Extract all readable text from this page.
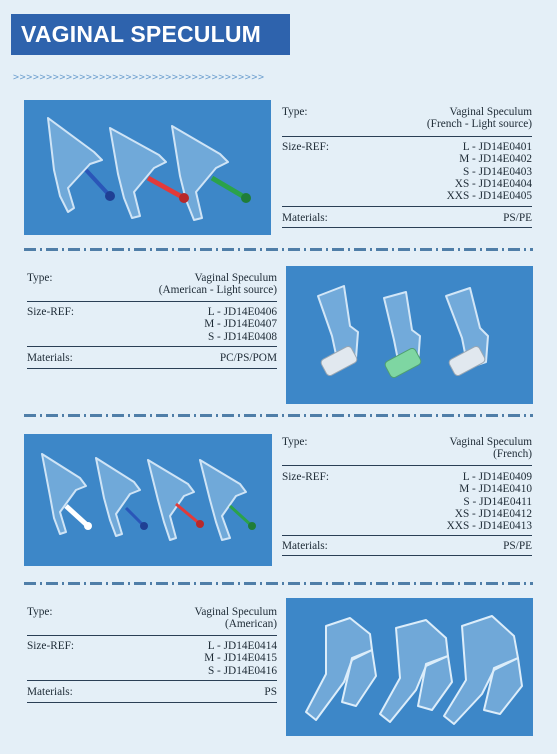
VAGINAL SPECULUM
>>>>>>>>>>>>>>>>>>>>>>>>>>>>>>>>>>>>>>
Type:	Vaginal Speculum
(French - Light source)
Size-REF:	L - JD14E0401
M - JD14E0402
S - JD14E0403
XS - JD14E0404
XXS - JD14E0405
Materials:	PS/PE
Type:	Vaginal Speculum
(American - Light source)
Size-REF:	L - JD14E0406
M - JD14E0407
S - JD14E0408
Materials:	PC/PS/POM
Type:	Vaginal Speculum
(French)
Size-REF:	L - JD14E0409
M - JD14E0410
S - JD14E0411
XS - JD14E0412
XXS - JD14E0413
Materials:	PS/PE
Type:	Vaginal Speculum
(American)
Size-REF:	L - JD14E0414
M - JD14E0415
S - JD14E0416
Materials:	PS
